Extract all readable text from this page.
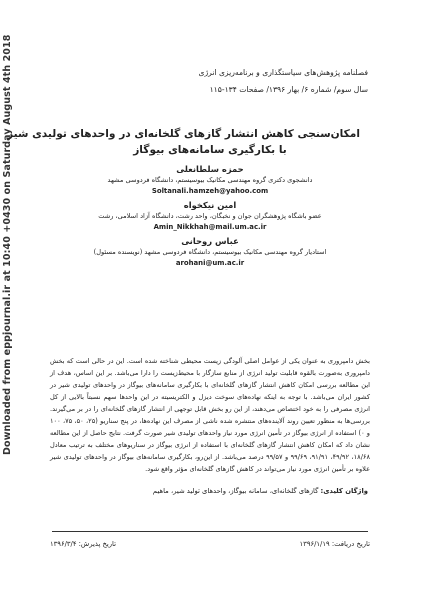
Downloaded from eppjournal.ir at 10:40 +0430 on Saturday August 4th 2018	فصلنامه پژوهش‌های سیاستگذاری و برنامه‌ریزی انرژی
سال سوم/ شماره ۶/ بهار ۱۳۹۶/ صفحات ۱۳۴-۱۱۵
امکان‌سنجی کاهش انتشار گازهای گلخانه‌ای در واحدهای تولیدی شیر
با بکارگیری سامانه‌های بیوگاز
حمزه سلطانعلی
دانشجوی دکتری گروه مهندسی مکانیک بیوسیستم، دانشگاه فردوسی مشهد
Soltanali.hamzeh@yahoo.com
امین نیکخواه
عضو باشگاه پژوهشگران جوان و نخبگان، واحد رشت، دانشگاه آزاد اسلامی، رشت
Amin_Nikkhah@mail.um.ac.ir
عباس روحانی
استادیار گروه مهندسی مکانیک بیوسیستم، دانشگاه فردوسی مشهد (نویسنده مسئول)
arohani@um.ac.ir
بخش دامپروری به عنوان یکی از عوامل اصلی آلودگی زیست محیطی شناخته شده است. این در حالی است که بخش دامپروری به‌صورت بالقوه قابلیت تولید انرژی از منابع سازگار با محیط‌زیست را دارا می‌باشد. بر این اساس، هدف از این مطالعه بررسی امکان کاهش انتشار گازهای گلخانه‌ای با بکارگیری سامانه‌های بیوگاز در واحدهای تولیدی شیر در کشور ایران می‌باشد. با توجه به اینکه نهاده‌های سوخت دیزل و الکتریسیته در این واحدها سهم نسبتاً بالایی از کل انرژی مصرفی را به خود اختصاص می‌دهند، از این رو بخش قابل توجهی از انتشار گازهای گلخانه‌ای را در بر می‌گیرند. بررسی‌ها به منظور تعیین روند آلاینده‌های منتشره شده ناشی از مصرف این نهاده‌ها، در پنج سناریو (۲۵، ۵۰، ۷۵، ۱۰۰ و ۰) استفاده از انرژی بیوگاز در تأمین انرژی مورد نیاز واحدهای تولیدی شیر صورت گرفت. نتایج حاصل از این مطالعه نشان داد که امکان کاهش انتشار گازهای گلخانه‌ای با استفاده از انرژی بیوگاز در سناریوهای مختلف به ترتیب معادل ۱۸/۶۸، ۴۹/۹۲، ۹۱/۹۱، ۹۹/۶۹ و ۹۹/۵۷ درصد می‌باشد. از این‌رو، بکارگیری سامانه‌های بیوگاز در واحدهای تولیدی شیر علاوه بر تأمین انرژی مورد نیاز می‌تواند در کاهش گازهای گلخانه‌ای مؤثر واقع شود.
واژگان کلیدی: گازهای گلخانه‌ای، سامانه بیوگاز، واحدهای تولید شیر، ماهیم
تاریخ دریافت: ۱۳۹۶/۱/۱۹
تاریخ پذیرش: ۱۳۹۶/۳/۴
